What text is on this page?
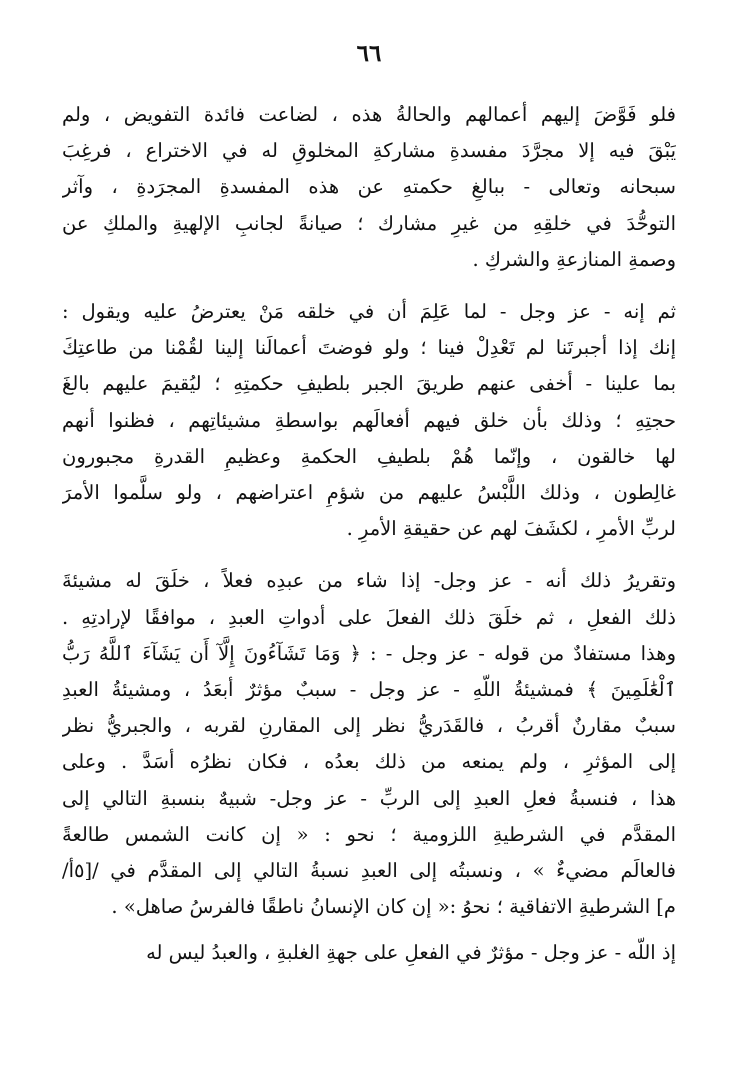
٦٦

فلو فَوَّضَ إليهم أعمالهم والحالةُ هذه ، لضاعت فائدة التفويض ، ولم
يَبْقَ فيه إلا مجرَّدَ مفسدةِ مشاركةِ المخلوقِ له في الاختراع ، فرغِبَ
سبحانه وتعالى - ببالغِ حكمتهِ عن هذه المفسدةِ المجرَدةِ ، وآثر
التوحُّدَ في خلقِهِ من غيرِ مشارك ؛ صيانةً لجانبِ الإلهيةِ والملكِ عن
وصمةِ المنازعةِ والشركِ .

ثم إنه - عز وجل - لما عَلِمَ أن في خلقه مَنْ يعترضُ عليه ويقول :
إنك إذا أجبرتَنا لم تَعْدِلْ فينا ؛ ولو فوضتَ أعمالَنا إلينا لقُمْنا من طاعتِكَ
بما علينا - أخفى عنهم طريقَ الجبر بلطيفِ حكمتِهِ ؛ ليُقيمَ عليهم بالغَ
حجتِهِ ؛ وذلك بأن خلق فيهم أفعالَهم بواسطةِ مشيئاتِهم ، فظنوا أنهم
لها خالقون ، وإنّما هُمْ بلطيفِ الحكمةِ وعظيمِ القدرةِ مجبورون
غالِطون ، وذلك اللَّبْسُ عليهم من شؤمِ اعتراضهم ، ولو سلَّموا الأمرَ
لربِّ الأمرِ ، لكشَفَ لهم عن حقيقةِ الأمرِ .

وتقريرُ ذلك أنه - عز وجل- إذا شاء من عبدِه فعلاً ، خلَقَ له مشيئةَ
ذلك الفعلِ ، ثم خلَقَ ذلك الفعلَ على أدواتِ العبدِ ، موافقًا لإرادتِهِ .
وهذا مستفادٌ من قوله - عز وجل - : ﴿ وَمَا تَشَآءُونَ إِلَّآ أَن يَشَآءَ ٱللَّهُ رَبُّ
ٱلْعَٰلَمِينَ ﴾ فمشيئةُ اللّهِ - عز وجل - سببٌ مؤثرٌ أبعَدُ ، ومشيئةُ العبدِ
سببٌ مقارنٌ أقربُ ، فالقَدَريُّ نظر إلى المقارنِ لقربه ، والجبريُّ نظر
إلى المؤثرِ ، ولم يمنعه من ذلك بعدُه ، فكان نظرُه أسَدَّ . وعلى
هذا ، فنسبةُ فعلِ العبدِ إلى الربِّ - عز وجل- شبيهٌ بنسبةِ التالي إلى
المقدَّم في الشرطيةِ اللزومية ؛ نحو : « إن كانت الشمس طالعةً
فالعالَم مضيءٌ » ، ونسبتُه إلى العبدِ نسبةُ التالي إلى المقدَّم في /[٥أ/
م] الشرطيةِ الاتفاقية ؛ نحوُ :« إن كان الإنسانُ ناطقًا فالفرسُ صاهل» .

إذ اللّه - عز وجل - مؤثرٌ في الفعلِ على جهةِ الغلبةِ ، والعبدُ ليس له
